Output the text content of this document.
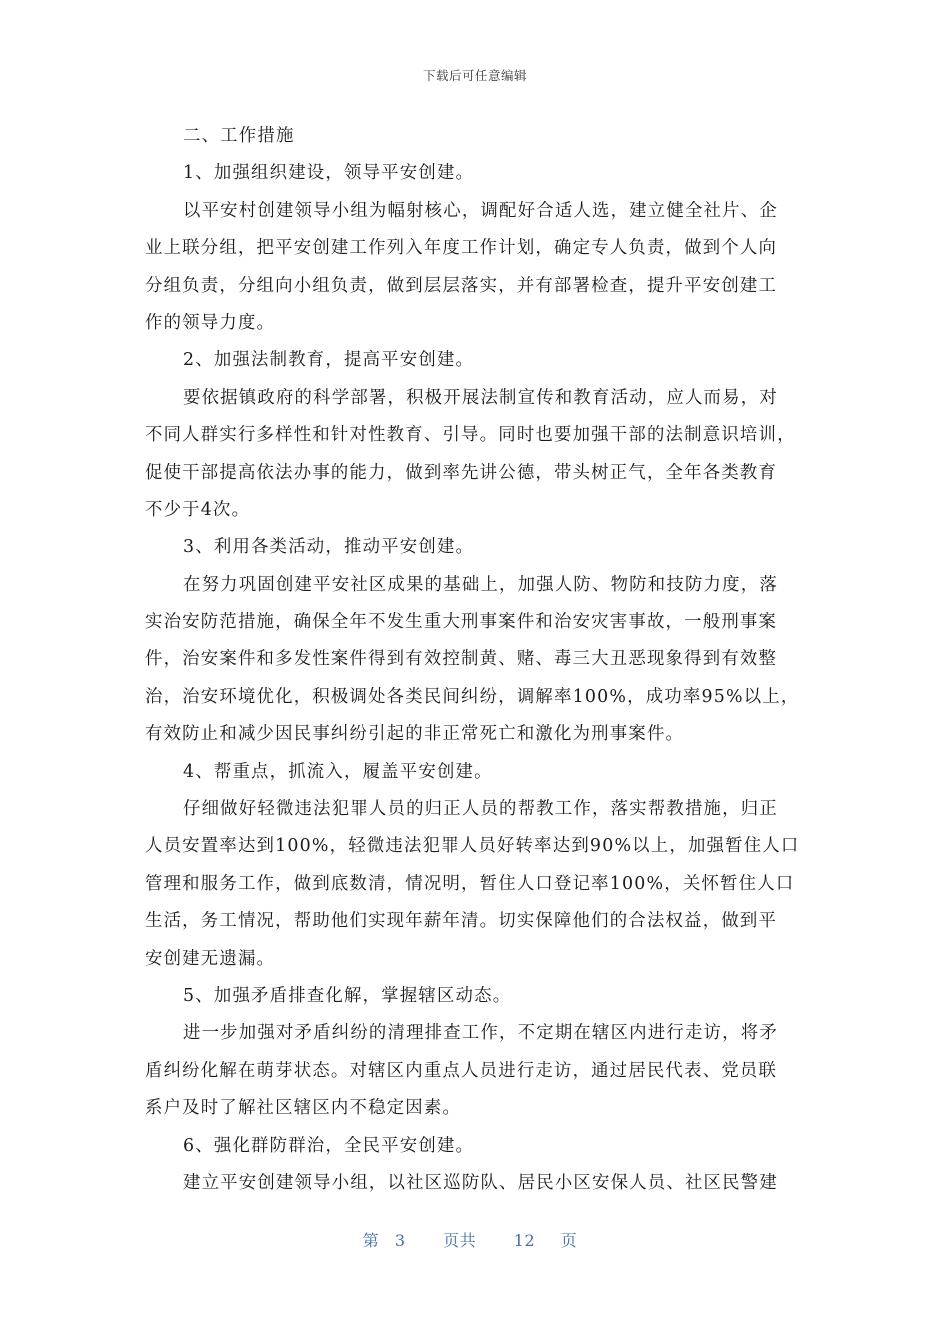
下载后可任意编辑
二、工作措施
1、加强组织建设，领导平安创建。
以平安村创建领导小组为幅射核心，调配好合适人选，建立健全社片、企
业上联分组，把平安创建工作列入年度工作计划，确定专人负责，做到个人向
分组负责，分组向小组负责，做到层层落实，并有部署检查，提升平安创建工
作的领导力度。
2、加强法制教育，提高平安创建。
要依据镇政府的科学部署，积极开展法制宣传和教育活动，应人而易，对
不同人群实行多样性和针对性教育、引导。同时也要加强干部的法制意识培训，
促使干部提高依法办事的能力，做到率先讲公德，带头树正气，全年各类教育
不少于4次。
3、利用各类活动，推动平安创建。
在努力巩固创建平安社区成果的基础上，加强人防、物防和技防力度，落
实治安防范措施，确保全年不发生重大刑事案件和治安灾害事故，一般刑事案
件，治安案件和多发性案件得到有效控制黄、赌、毒三大丑恶现象得到有效整
治，治安环境优化，积极调处各类民间纠纷，调解率100%，成功率95%以上，
有效防止和减少因民事纠纷引起的非正常死亡和激化为刑事案件。
4、帮重点，抓流入，履盖平安创建。
仔细做好轻微违法犯罪人员的归正人员的帮教工作，落实帮教措施，归正
人员安置率达到100%，轻微违法犯罪人员好转率达到90%以上，加强暂住人口
管理和服务工作，做到底数清，情况明，暂住人口登记率100%，关怀暂住人口
生活，务工情况，帮助他们实现年薪年清。切实保障他们的合法权益，做到平
安创建无遗漏。
5、加强矛盾排查化解，掌握辖区动态。
进一步加强对矛盾纠纷的清理排查工作，不定期在辖区内进行走访，将矛
盾纠纷化解在萌芽状态。对辖区内重点人员进行走访，通过居民代表、党员联
系户及时了解社区辖区内不稳定因素。
6、强化群防群治，全民平安创建。
建立平安创建领导小组，以社区巡防队、居民小区安保人员、社区民警建
第 3 页共 12 页
